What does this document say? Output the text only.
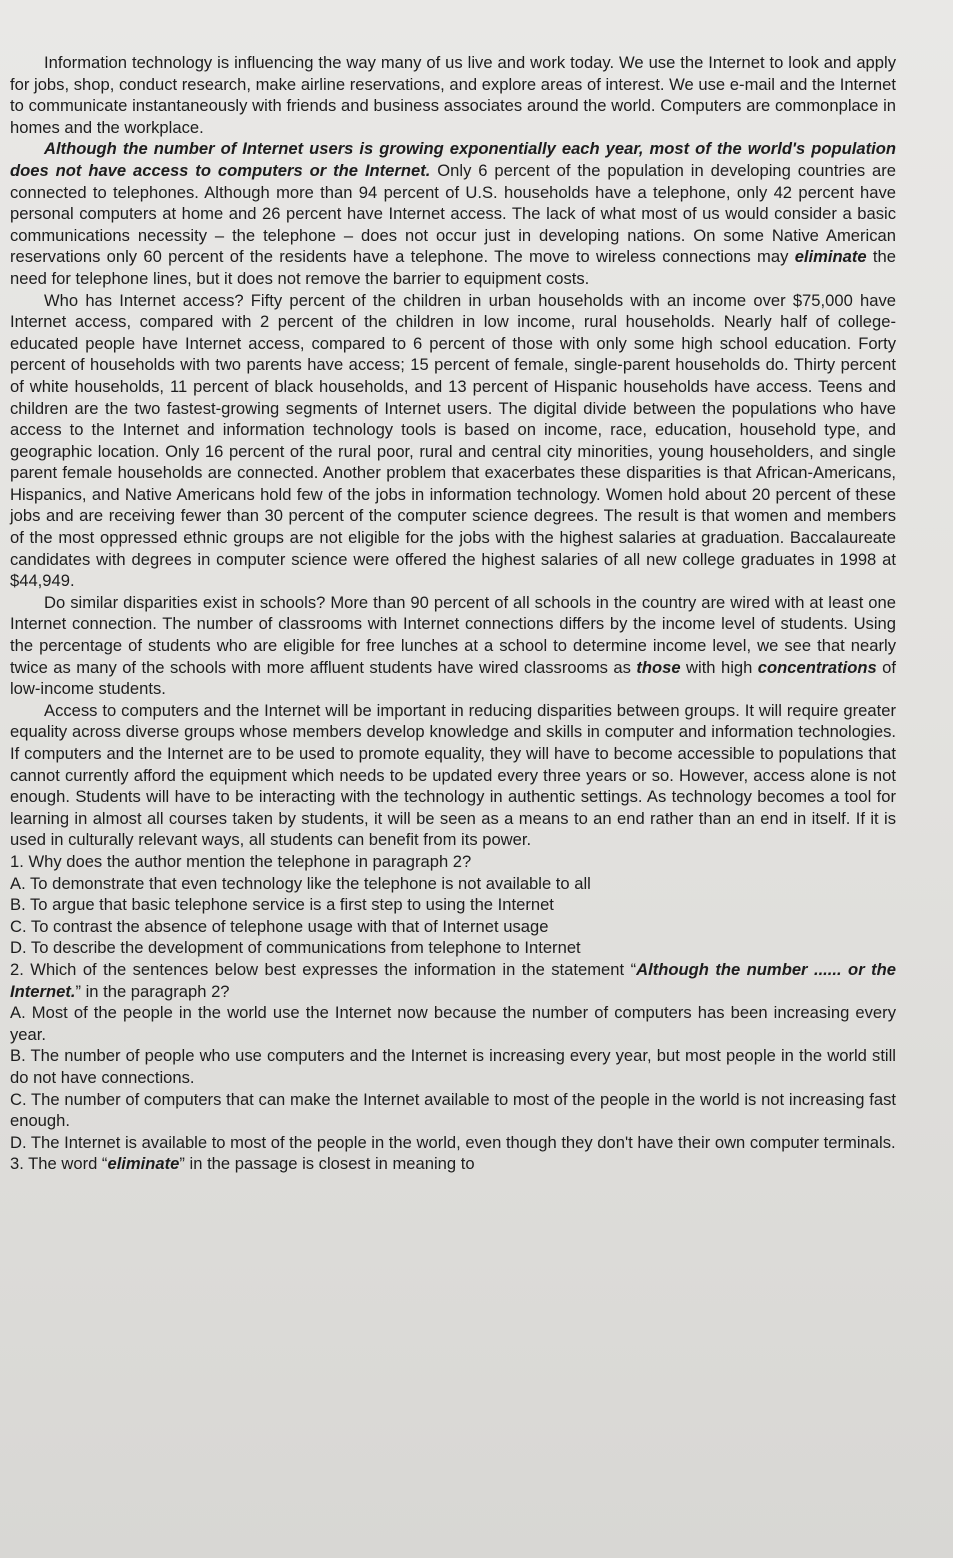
Information technology is influencing the way many of us live and work today. We use the Internet to look and apply for jobs, shop, conduct research, make airline reservations, and explore areas of interest. We use e-mail and the Internet to communicate instantaneously with friends and business associates around the world. Computers are commonplace in homes and the workplace.

Although the number of Internet users is growing exponentially each year, most of the world's population does not have access to computers or the Internet. Only 6 percent of the population in developing countries are connected to telephones. Although more than 94 percent of U.S. households have a telephone, only 42 percent have personal computers at home and 26 percent have Internet access. The lack of what most of us would consider a basic communications necessity – the telephone – does not occur just in developing nations. On some Native American reservations only 60 percent of the residents have a telephone. The move to wireless connections may eliminate the need for telephone lines, but it does not remove the barrier to equipment costs.

Who has Internet access? Fifty percent of the children in urban households with an income over $75,000 have Internet access, compared with 2 percent of the children in low income, rural households. Nearly half of college-educated people have Internet access, compared to 6 percent of those with only some high school education. Forty percent of households with two parents have access; 15 percent of female, single-parent households do. Thirty percent of white households, 11 percent of black households, and 13 percent of Hispanic households have access. Teens and children are the two fastest-growing segments of Internet users. The digital divide between the populations who have access to the Internet and information technology tools is based on income, race, education, household type, and geographic location. Only 16 percent of the rural poor, rural and central city minorities, young householders, and single parent female households are connected. Another problem that exacerbates these disparities is that African-Americans, Hispanics, and Native Americans hold few of the jobs in information technology. Women hold about 20 percent of these jobs and are receiving fewer than 30 percent of the computer science degrees. The result is that women and members of the most oppressed ethnic groups are not eligible for the jobs with the highest salaries at graduation. Baccalaureate candidates with degrees in computer science were offered the highest salaries of all new college graduates in 1998 at $44,949.

Do similar disparities exist in schools? More than 90 percent of all schools in the country are wired with at least one Internet connection. The number of classrooms with Internet connections differs by the income level of students. Using the percentage of students who are eligible for free lunches at a school to determine income level, we see that nearly twice as many of the schools with more affluent students have wired classrooms as those with high concentrations of low-income students.

Access to computers and the Internet will be important in reducing disparities between groups. It will require greater equality across diverse groups whose members develop knowledge and skills in computer and information technologies. If computers and the Internet are to be used to promote equality, they will have to become accessible to populations that cannot currently afford the equipment which needs to be updated every three years or so. However, access alone is not enough. Students will have to be interacting with the technology in authentic settings. As technology becomes a tool for learning in almost all courses taken by students, it will be seen as a means to an end rather than an end in itself. If it is used in culturally relevant ways, all students can benefit from its power.

1. Why does the author mention the telephone in paragraph 2?

A. To demonstrate that even technology like the telephone is not available to all

B. To argue that basic telephone service is a first step to using the Internet

C. To contrast the absence of telephone usage with that of Internet usage

D. To describe the development of communications from telephone to Internet

2. Which of the sentences below best expresses the information in the statement “Although the number ...... or the Internet.” in the paragraph 2?

A. Most of the people in the world use the Internet now because the number of computers has been increasing every year.

B. The number of people who use computers and the Internet is increasing every year, but most people in the world still do not have connections.

C. The number of computers that can make the Internet available to most of the people in the world is not increasing fast enough.

D. The Internet is available to most of the people in the world, even though they don't have their own computer terminals.

3. The word “eliminate” in the passage is closest in meaning to
